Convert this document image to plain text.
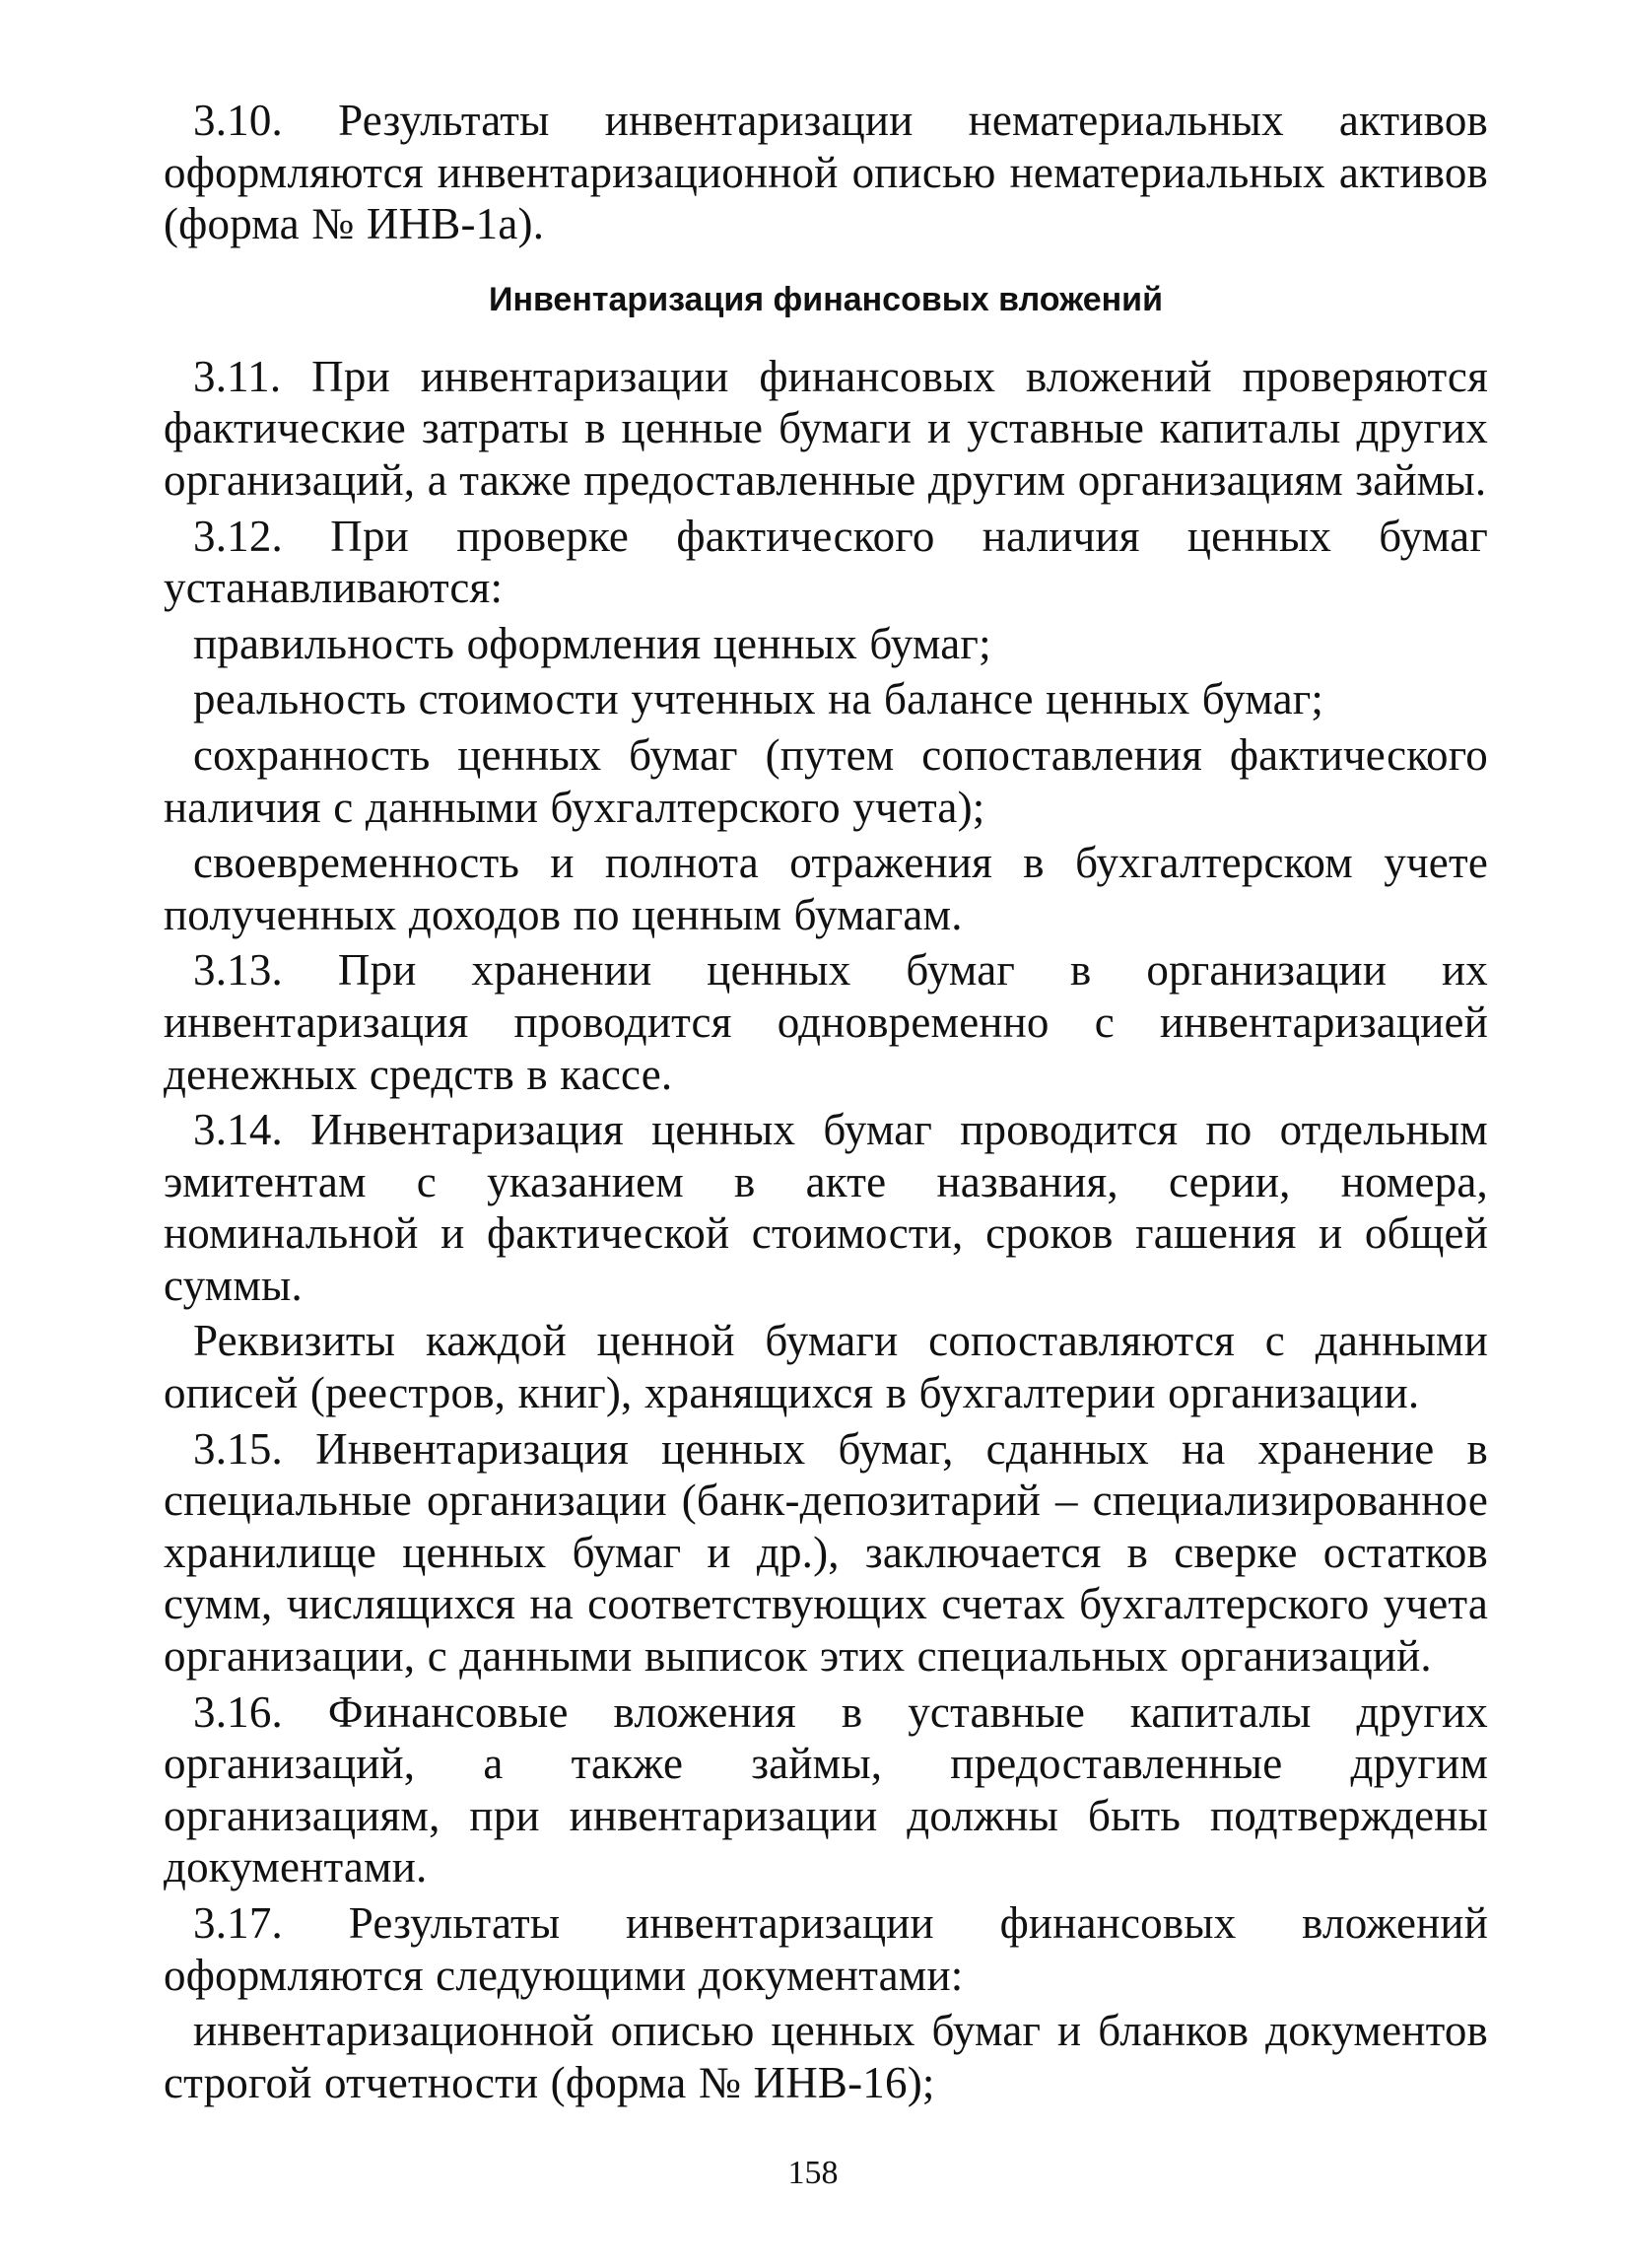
3.10. Результаты инвентаризации нематериальных активов оформляются инвентаризационной описью нематериальных активов (форма № ИНВ-1а).

Инвентаризация финансовых вложений

3.11. При инвентаризации финансовых вложений проверяются фактические затраты в ценные бумаги и уставные капиталы других организаций, а также предоставленные другим организациям займы.

3.12. При проверке фактического наличия ценных бумаг устанавливаются:

правильность оформления ценных бумаг;

реальность стоимости учтенных на балансе ценных бумаг;

сохранность ценных бумаг (путем сопоставления фактического наличия с данными бухгалтерского учета);

своевременность и полнота отражения в бухгалтерском учете полученных доходов по ценным бумагам.

3.13. При хранении ценных бумаг в организации их инвентаризация проводится одновременно с инвентаризацией денежных средств в кассе.

3.14. Инвентаризация ценных бумаг проводится по отдельным эмитентам с указанием в акте названия, серии, номера, номинальной и фактической стоимости, сроков гашения и общей суммы.

Реквизиты каждой ценной бумаги сопоставляются с данными описей (реестров, книг), хранящихся в бухгалтерии организации.

3.15. Инвентаризация ценных бумаг, сданных на хранение в специальные организации (банк-депозитарий – специализированное хранилище ценных бумаг и др.), заключается в сверке остатков сумм, числящихся на соответствующих счетах бухгалтерского учета организации, с данными выписок этих специальных организаций.

3.16. Финансовые вложения в уставные капиталы других организаций, а также займы, предоставленные другим организациям, при инвентаризации должны быть подтверждены документами.

3.17. Результаты инвентаризации финансовых вложений оформляются следующими документами:

инвентаризационной описью ценных бумаг и бланков документов строгой отчетности (форма № ИНВ-16);

158
